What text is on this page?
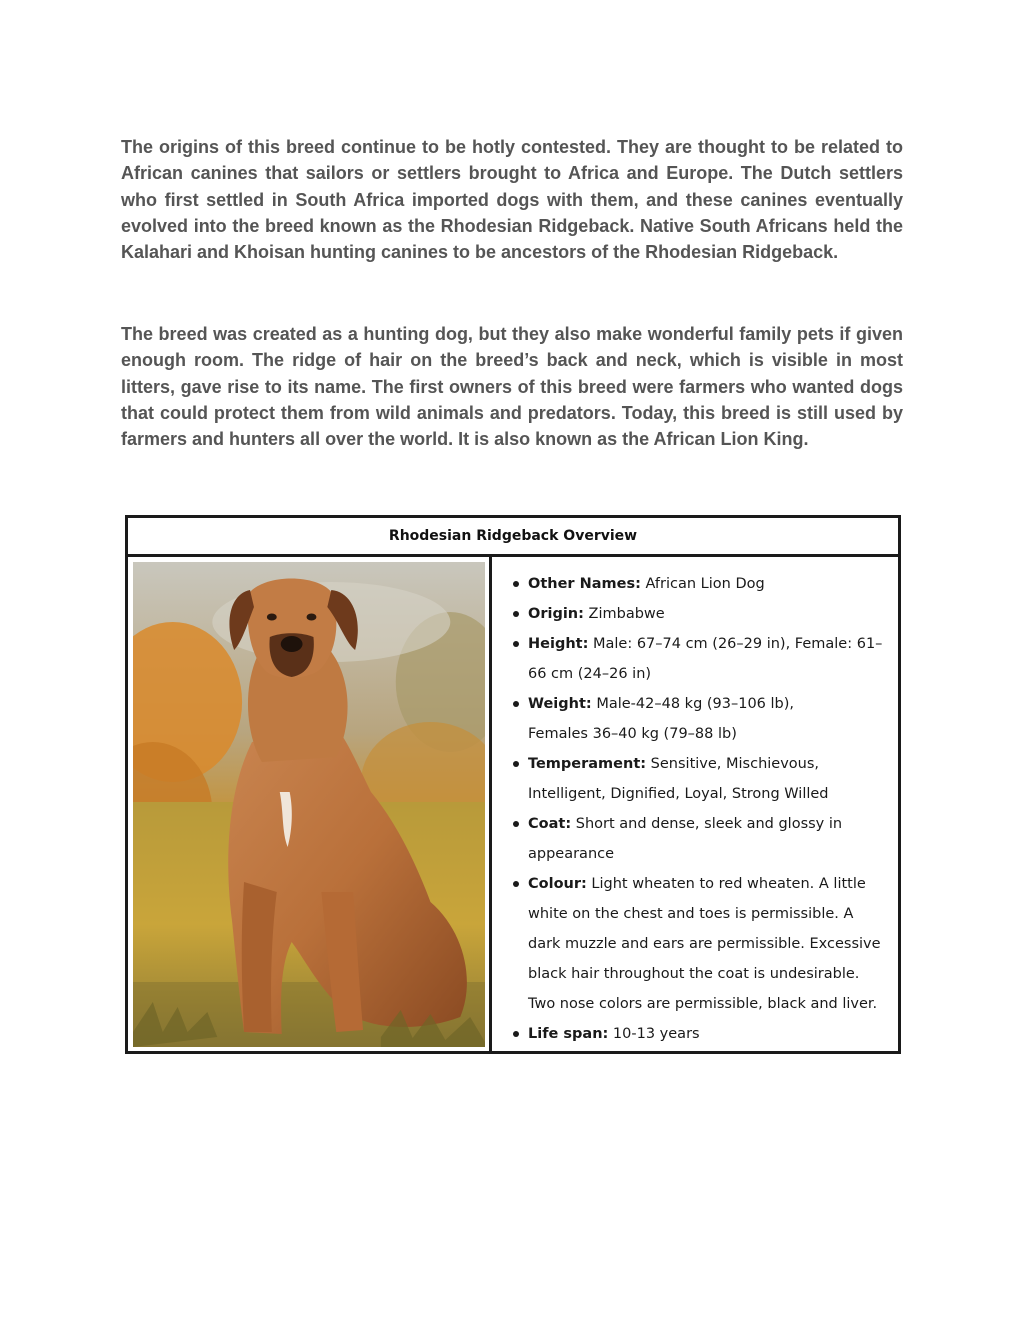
The origins of this breed continue to be hotly contested. They are thought to be related to African canines that sailors or settlers brought to Africa and Europe. The Dutch settlers who first settled in South Africa imported dogs with them, and these canines eventually evolved into the breed known as the Rhodesian Ridgeback. Native South Africans held the Kalahari and Khoisan hunting canines to be ancestors of the Rhodesian Ridgeback.

The breed was created as a hunting dog, but they also make wonderful family pets if given enough room. The ridge of hair on the breed’s back and neck, which is visible in most litters, gave rise to its name. The first owners of this breed were farmers who wanted dogs that could protect them from wild animals and predators. Today, this breed is still used by farmers and hunters all over the world. It is also known as the African Lion King.

Rhodesian Ridgeback Overview
Other Names: African Lion Dog
Origin: Zimbabwe
Height: Male: 67–74 cm (26–29 in), Female: 61–66 cm (24–26 in)
Weight: Male-42–48 kg (93–106 lb),        Females 36–40 kg (79–88 lb)
Temperament: Sensitive, Mischievous, Intelligent, Dignified, Loyal, Strong Willed
Coat: Short and dense, sleek and glossy in appearance
Colour: Light wheaten to red wheaten. A little white on the chest and toes is permissible. A dark muzzle and ears are permissible. Excessive black hair throughout the coat is undesirable. Two nose colors are permissible, black and liver.
Life span: 10-13 years
